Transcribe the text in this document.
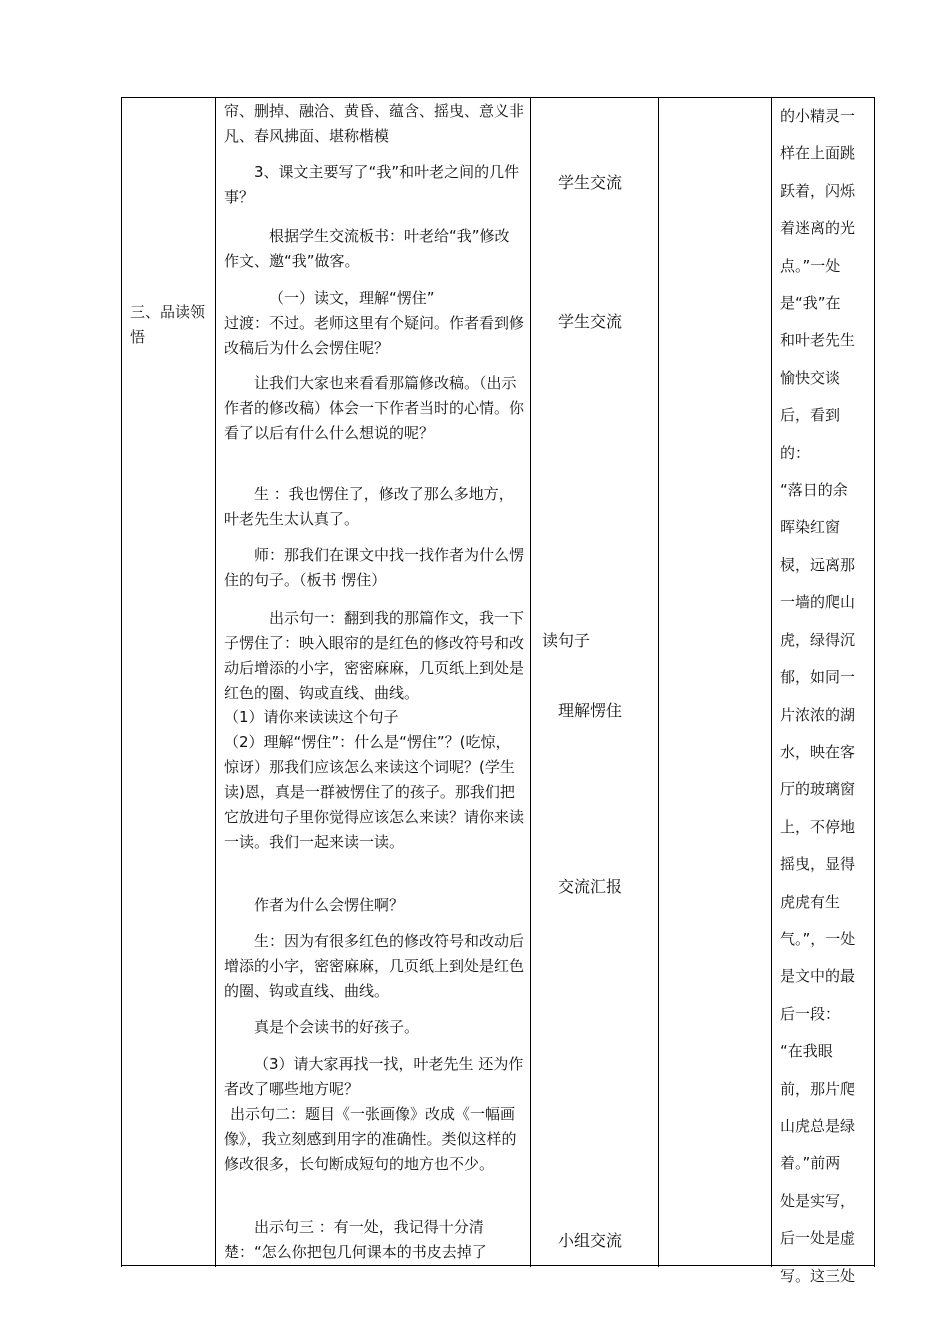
三、品读领悟

帘、删掉、融洽、黄昏、蕴含、摇曳、意义非凡、春风拂面、堪称楷模

3、课文主要写了“我”和叶老之间的几件事？

根据学生交流板书：叶老给“我”修改作文、邀“我”做客。

（一）读文，理解“愣住”

过渡：不过。老师这里有个疑问。作者看到修改稿后为什么会愣住呢？

让我们大家也来看看那篇修改稿。（出示作者的修改稿）体会一下作者当时的心情。你看了以后有什么什么想说的呢？

生 ：我也愣住了，修改了那么多地方，叶老先生太认真了。

师：那我们在课文中找一找作者为什么愣住的句子。（板书 愣住）

出示句一：翻到我的那篇作文，我一下子愣住了：映入眼帘的是红色的修改符号和改动后增添的小字，密密麻麻，几页纸上到处是红色的圈、钩或直线、曲线。

（1）请你来读读这个句子

（2）理解“愣住”：什么是“愣住”？(吃惊，惊讶）那我们应该怎么来读这个词呢？(学生读)恩，真是一群被愣住了的孩子。那我们把它放进句子里你觉得应该怎么来读？请你来读一读。我们一起来读一读。

作者为什么会愣住啊？

生：因为有很多红色的修改符号和改动后增添的小字，密密麻麻，几页纸上到处是红色的圈、钩或直线、曲线。

真是个会读书的好孩子。

（3）请大家再找一找，叶老先生 还为作者改了哪些地方呢？

出示句二：题目《一张画像》改成《一幅画像》，我立刻感到用字的准确性。类似这样的修改很多，长句断成短句的地方也不少。

出示句三 ：有一处，我记得十分清楚：“怎么你把包几何课本的书皮去掉了

学生交流
学生交流
读句子
理解愣住
交流汇报
小组交流
的小精灵一
样在上面跳
跃着，闪烁
着迷离的光
点。”一处
是“我”在
和叶老先生
愉快交谈
后，看到的：
“落日的余
晖染红窗
棂，远离那
一墙的爬山
虎，绿得沉
郁，如同一
片浓浓的湖
水，映在客
厅的玻璃窗
上，不停地
摇曳，显得
虎虎有生
气。”，一处
是文中的最
后一段：
“在我眼
前，那片爬
山虎总是绿
着。”前两
处是实写，
后一处是虚
写。这三处
